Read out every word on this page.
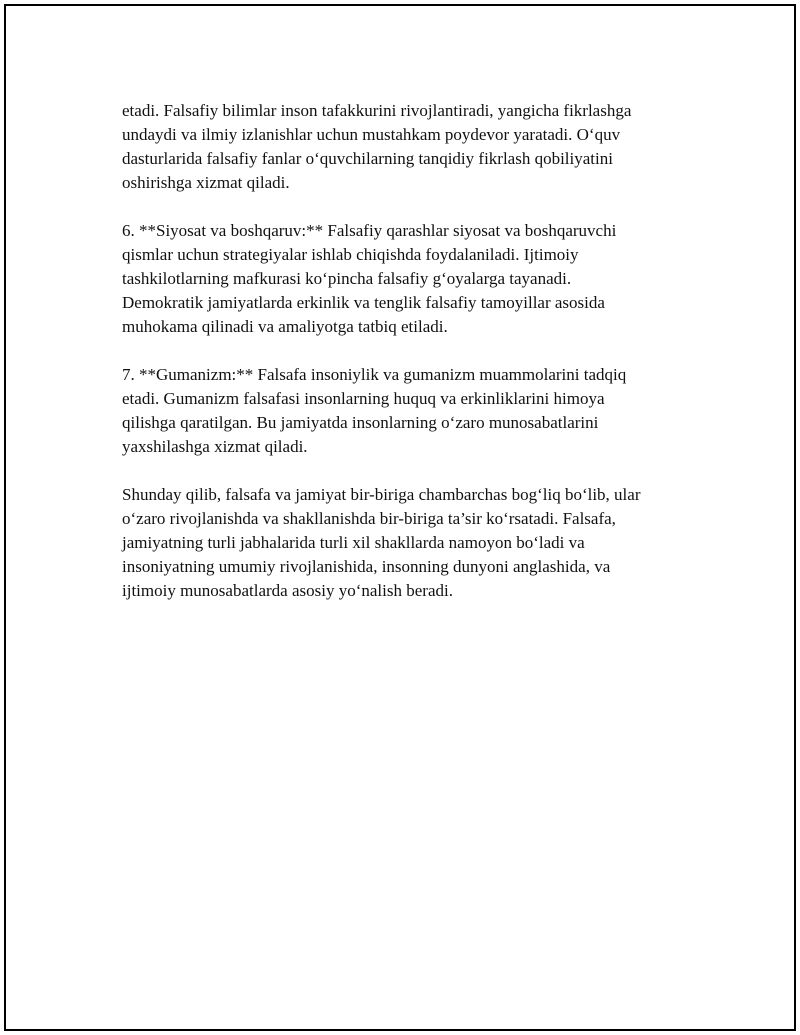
etadi. Falsafiy bilimlar inson tafakkurini rivojlantiradi, yangicha fikrlashga
undaydi va ilmiy izlanishlar uchun mustahkam poydevor yaratadi. O‘quv
dasturlarida falsafiy fanlar o‘quvchilarning tanqidiy fikrlash qobiliyatini
oshirishga xizmat qiladi.

6. **Siyosat va boshqaruv:** Falsafiy qarashlar siyosat va boshqaruvchi
qismlar uchun strategiyalar ishlab chiqishda foydalaniladi. Ijtimoiy
tashkilotlarning mafkurasi ko‘pincha falsafiy g‘oyalarga tayanadi.
Demokratik jamiyatlarda erkinlik va tenglik falsafiy tamoyillar asosida
muhokama qilinadi va amaliyotga tatbiq etiladi.

7. **Gumanizm:** Falsafa insoniylik va gumanizm muammolarini tadqiq
etadi. Gumanizm falsafasi insonlarning huquq va erkinliklarini himoya
qilishga qaratilgan. Bu jamiyatda insonlarning o‘zaro munosabatlarini
yaxshilashga xizmat qiladi.

Shunday qilib, falsafa va jamiyat bir-biriga chambarchas bog‘liq bo‘lib, ular
o‘zaro rivojlanishda va shakllanishda bir-biriga ta’sir ko‘rsatadi. Falsafa,
jamiyatning turli jabhalarida turli xil shakllarda namoyon bo‘ladi va
insoniyatning umumiy rivojlanishida, insonning dunyoni anglashida, va
ijtimoiy munosabatlarda asosiy yo‘nalish beradi.
